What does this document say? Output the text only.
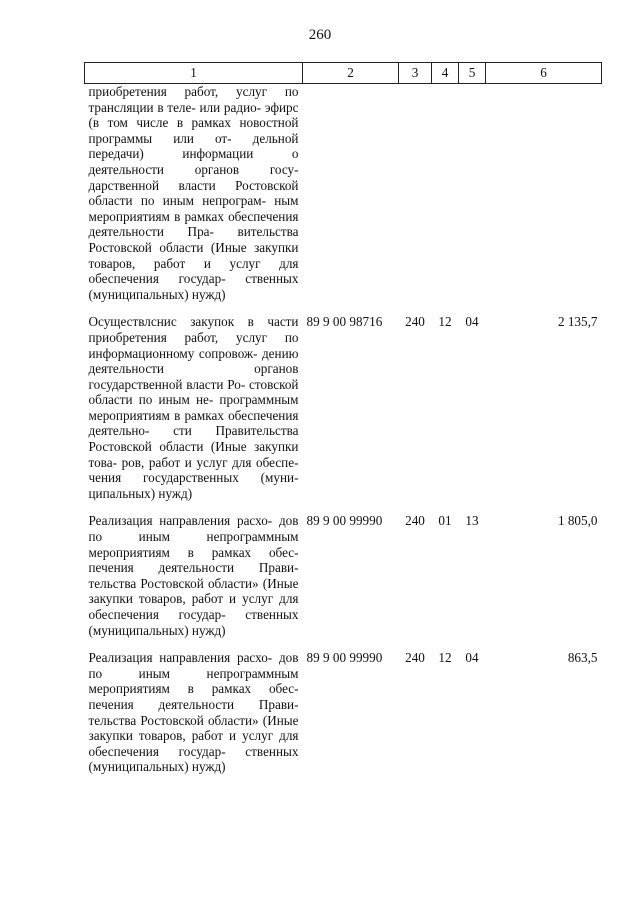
260
1	2	3	4	5	6
приобретения работ, услуг по трансляции в теле- или радио- эфирс (в том числе в рамках новостной программы или от- дельной передачи) информации о деятельности органов госу- дарственной власти Ростовской области по иным непрограм- ным мероприятиям в рамках обеспечения деятельности Пра- вительства Ростовской области (Иные закупки товаров, работ и услуг для обеспечения государ- ственных (муниципальных) нужд)					
Осуществлснис закупок в части приобретения работ, услуг по информационному сопровож- дению деятельности органов государственной власти Ро- стовской области по иным не- программным мероприятиям в рамках обеспечения деятельно- сти Правительства Ростовской области (Иные закупки това- ров, работ и услуг для обеспе- чения государственных (муни- ципальных) нужд)	89 9 00 98716	240	12	04	2 135,7
Реализация направления расхо- дов по иным непрограммным мероприятиям в рамках обес- печения деятельности Прави- тельства Ростовской области» (Иные закупки товаров, работ и услуг для обеспечения государ- ственных (муниципальных) нужд)	89 9 00 99990	240	01	13	1 805,0
Реализация направления расхо- дов по иным непрограммным мероприятиям в рамках обес- печения деятельности Прави- тельства Ростовской области» (Иные закупки товаров, работ и услуг для обеспечения государ- ственных (муниципальных) нужд)	89 9 00 99990	240	12	04	863,5
